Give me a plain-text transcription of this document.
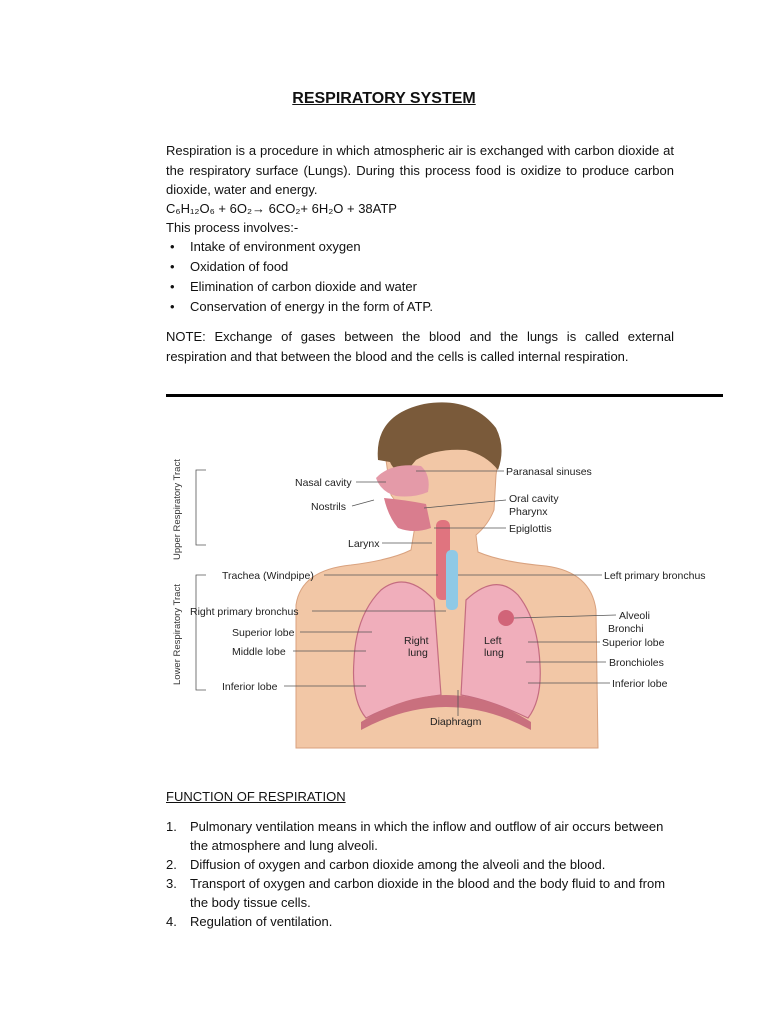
RESPIRATORY SYSTEM
Respiration is a procedure in which atmospheric air is exchanged with carbon dioxide at the respiratory surface (Lungs). During this process food is oxidize to produce carbon dioxide, water and energy.
C₆H₁₂O₆ + 6O₂→ 6CO₂+ 6H₂O + 38ATP
This process involves:-
• Intake of environment oxygen
• Oxidation of food
• Elimination of carbon dioxide and water
• Conservation of energy in the form of ATP.
NOTE: Exchange of gases between the blood and the lungs is called external respiration and that between the blood and the cells is called internal respiration.
Upper Respiratory Tract
Lower Respiratory Tract
Nasal cavity
Nostrils
Larynx
Trachea (Windpipe)
Right primary bronchus
Superior lobe
Middle lobe
Inferior lobe
Paranasal sinuses
Oral cavity
Pharynx
Epiglottis
Left primary bronchus
Alveoli
Bronchi
Superior lobe
Bronchioles
Inferior lobe
Right
lung
Left
lung
Diaphragm
FUNCTION OF RESPIRATION
1. Pulmonary ventilation means in which the inflow and outflow of air occurs between the atmosphere and lung alveoli.
2. Diffusion of oxygen and carbon dioxide among the alveoli and the blood.
3. Transport of oxygen and carbon dioxide in the blood and the body fluid to and from the body tissue cells.
4. Regulation of ventilation.
